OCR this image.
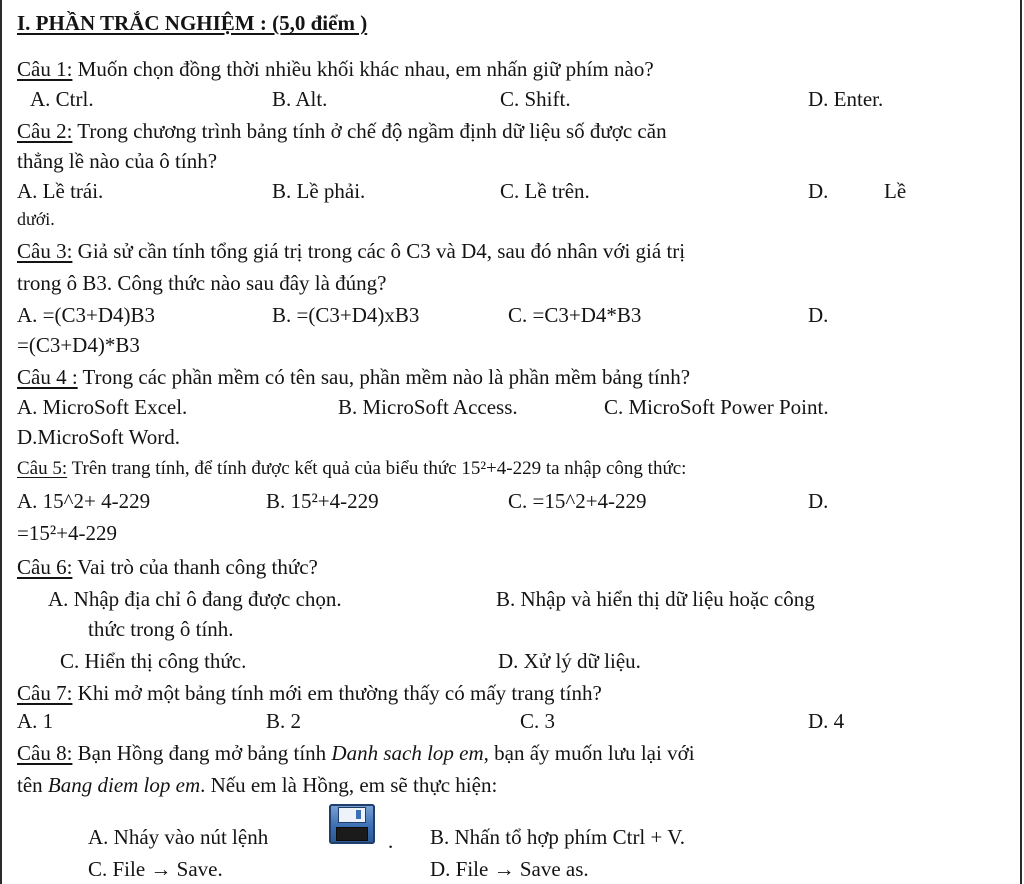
I. PHẦN TRẮC NGHIỆM : (5,0 điểm )
Câu 1: Muốn chọn đồng thời nhiều khối khác nhau, em nhấn giữ phím nào?
A. Ctrl.	B. Alt.	C. Shift.	D. Enter.
Câu 2: Trong chương trình bảng tính ở chế độ ngầm định dữ liệu số được căn
thẳng lề nào của ô tính?
A. Lề trái.	B. Lề phải.	C. Lề trên.	D.	Lề
dưới.
Câu 3: Giả sử cần tính tổng giá trị trong các ô C3 và D4, sau đó nhân với giá trị
trong ô B3. Công thức nào sau đây là đúng?
A. =(C3+D4)B3	B. =(C3+D4)xB3	C. =C3+D4*B3	D.
=(C3+D4)*B3
Câu 4 : Trong các phần mềm có tên sau, phần mềm nào là phần mềm bảng tính?
A. MicroSoft Excel.	B. MicroSoft Access.	C. MicroSoft Power Point.
D.MicroSoft Word.
Câu 5: Trên trang tính, để tính được kết quả của biểu thức 15²+4-229 ta nhập công thức:
A. 15^2+ 4-229	B. 15²+4-229	C. =15^2+4-229	D.
=15²+4-229
Câu 6: Vai trò của thanh công thức?
A. Nhập địa chỉ ô đang được chọn.	B. Nhập và hiển thị dữ liệu hoặc công
thức trong ô tính.
C. Hiển thị công thức.	D. Xử lý dữ liệu.
Câu 7: Khi mở một bảng tính mới em thường thấy có mấy trang tính?
A. 1	B. 2	C. 3	D. 4
Câu 8: Bạn Hồng đang mở bảng tính Danh sach lop em, bạn ấy muốn lưu lại với
tên Bang diem lop em. Nếu em là Hồng, em sẽ thực hiện:
A. Nháy vào nút lệnh	. B. Nhấn tổ hợp phím Ctrl + V.
C. File → Save.	D. File → Save as.
